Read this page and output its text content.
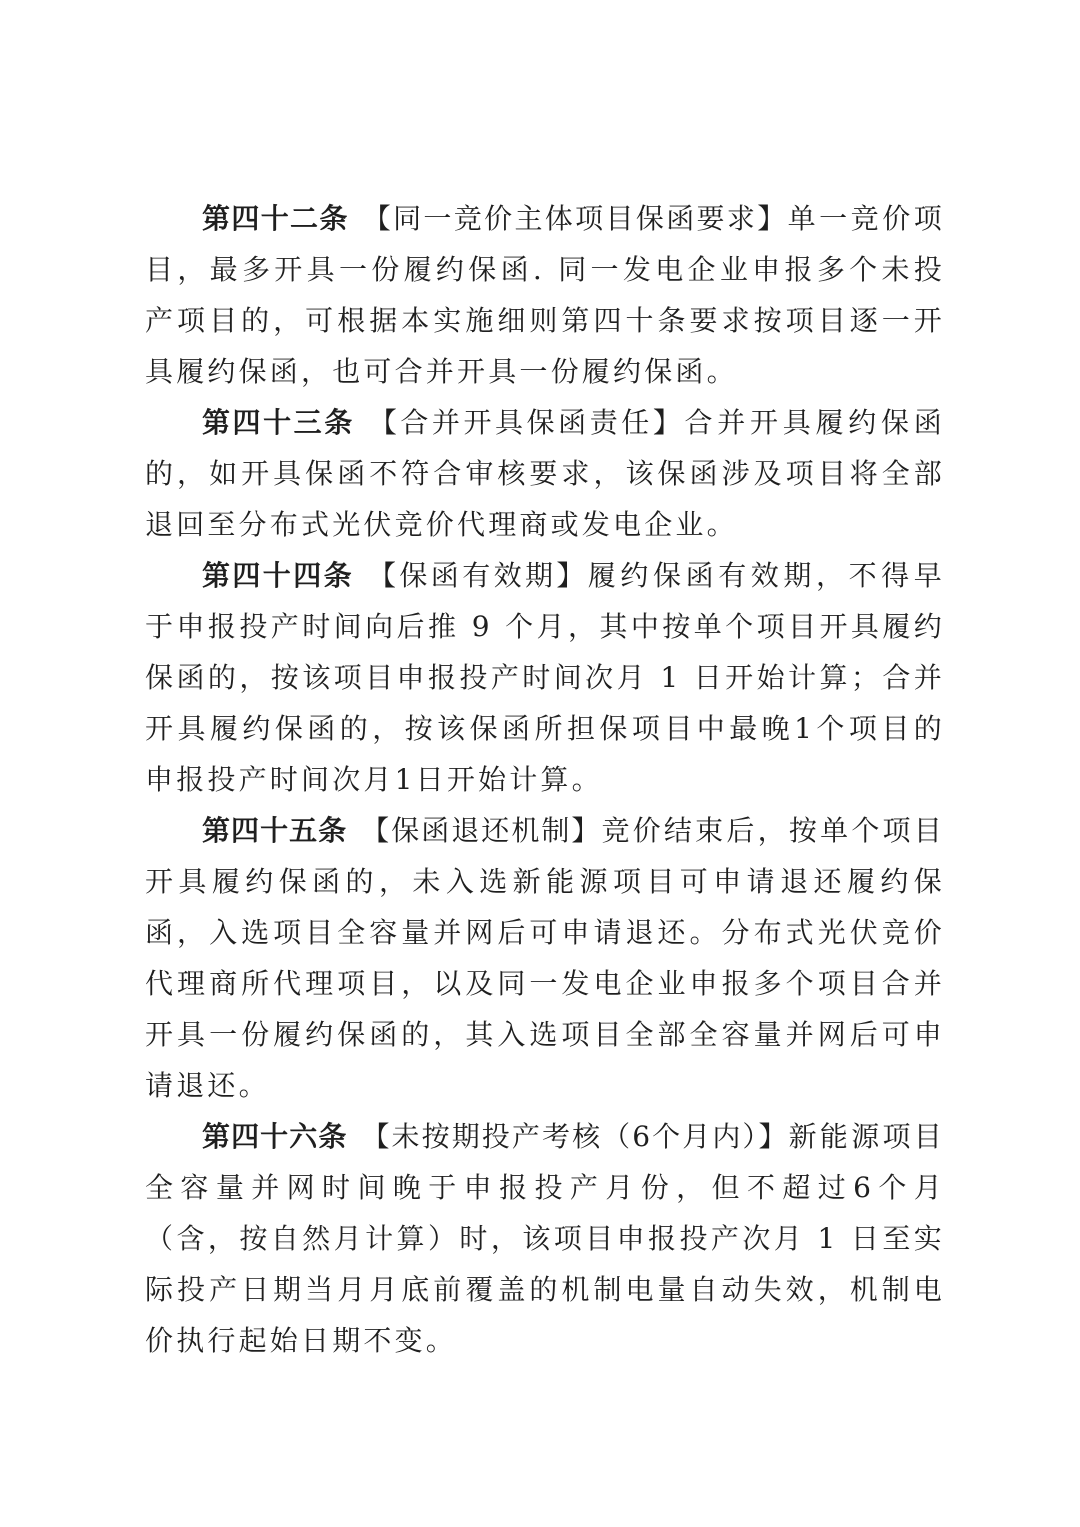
第四十二条 【同一竞价主体项目保函要求】单一竞价项目，最多开具一份履约保函. 同一发电企业申报多个未投产项目的，可根据本实施细则第四十条要求按项目逐一开具履约保函，也可合并开具一份履约保函。

第四十三条 【合并开具保函责任】合并开具履约保函的，如开具保函不符合审核要求，该保函涉及项目将全部退回至分布式光伏竞价代理商或发电企业。

第四十四条 【保函有效期】履约保函有效期，不得早于申报投产时间向后推 9 个月，其中按单个项目开具履约保函的，按该项目申报投产时间次月 1 日开始计算；合并开具履约保函的，按该保函所担保项目中最晚1个项目的申报投产时间次月1日开始计算。

第四十五条 【保函退还机制】竞价结束后，按单个项目开具履约保函的，未入选新能源项目可申请退还履约保函，入选项目全容量并网后可申请退还。分布式光伏竞价代理商所代理项目，以及同一发电企业申报多个项目合并开具一份履约保函的，其入选项目全部全容量并网后可申请退还。

第四十六条 【未按期投产考核（6个月内）】新能源项目全容量并网时间晚于申报投产月份，但不超过6个月（含，按自然月计算）时，该项目申报投产次月 1 日至实际投产日期当月月底前覆盖的机制电量自动失效，机制电价执行起始日期不变。
